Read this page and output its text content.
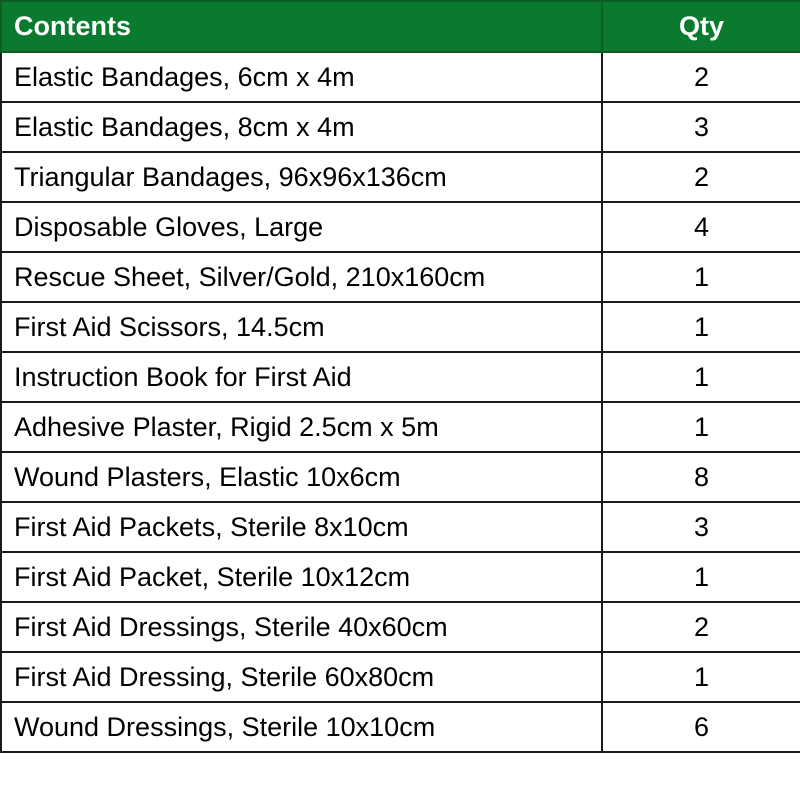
Contents	Qty
Elastic Bandages, 6cm x 4m	2
Elastic Bandages, 8cm x 4m	3
Triangular Bandages, 96x96x136cm	2
Disposable Gloves, Large	4
Rescue Sheet, Silver/Gold, 210x160cm	1
First Aid Scissors, 14.5cm	1
Instruction Book for First Aid	1
Adhesive Plaster, Rigid 2.5cm x 5m	1
Wound Plasters, Elastic 10x6cm	8
First Aid Packets, Sterile 8x10cm	3
First Aid Packet, Sterile 10x12cm	1
First Aid Dressings, Sterile 40x60cm	2
First Aid Dressing, Sterile 60x80cm	1
Wound Dressings, Sterile 10x10cm	6
